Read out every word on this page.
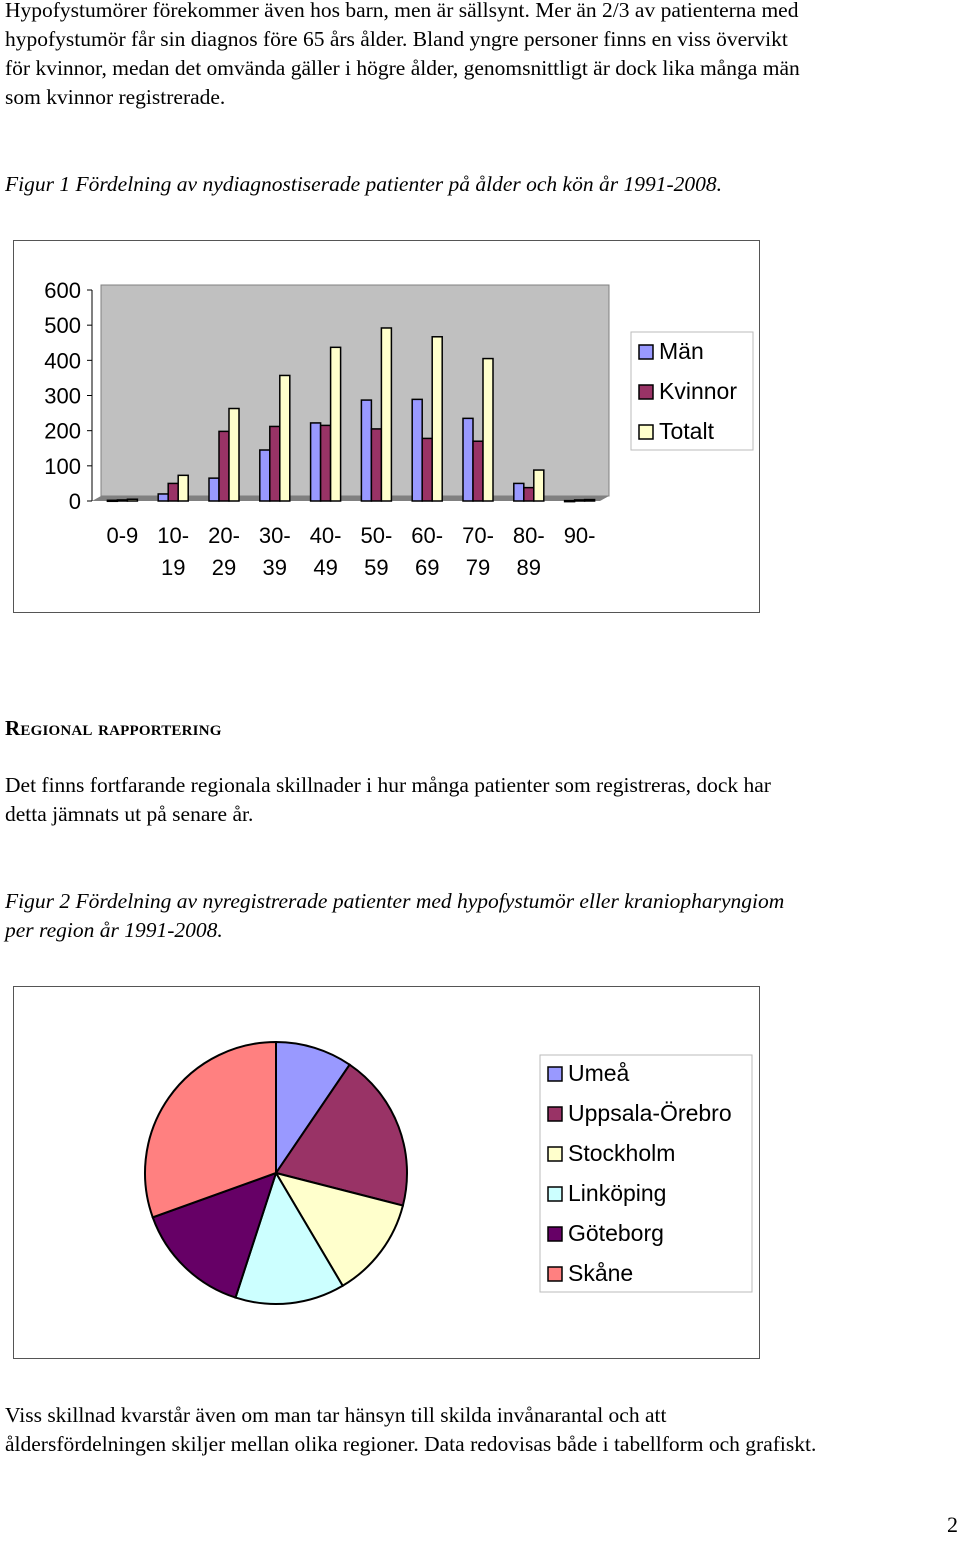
Hypofystumörer förekommer även hos barn, men är sällsynt. Mer än 2/3 av patienterna med
hypofystumör får sin diagnos före 65 års ålder. Bland yngre personer finns en viss övervikt
för kvinnor, medan det omvända gäller i högre ålder, genomsnittligt är dock lika många män
som kvinnor registrerade.

Figur 1 Fördelning av nydiagnostiserade patienter på ålder och kön år 1991-2008.

600
500
400
300
200
100
0
0-9 10-19
20-29
30-39
40-49
50-59
60-69
70-79
80-89
90-
Män
Kvinnor
Totalt
Regional rapportering
Det finns fortfarande regionala skillnader i hur många patienter som registreras, dock har
detta jämnats ut på senare år.
Figur 2 Fördelning av nyregistrerade patienter med hypofystumör eller kraniopharyngiom
per region år 1991-2008.
Umeå
Uppsala-Örebro
Stockholm
Linköping
Göteborg
Skåne
Viss skillnad kvarstår även om man tar hänsyn till skilda invånarantal och att
åldersfördelningen skiljer mellan olika regioner. Data redovisas både i tabellform och grafiskt.

2
